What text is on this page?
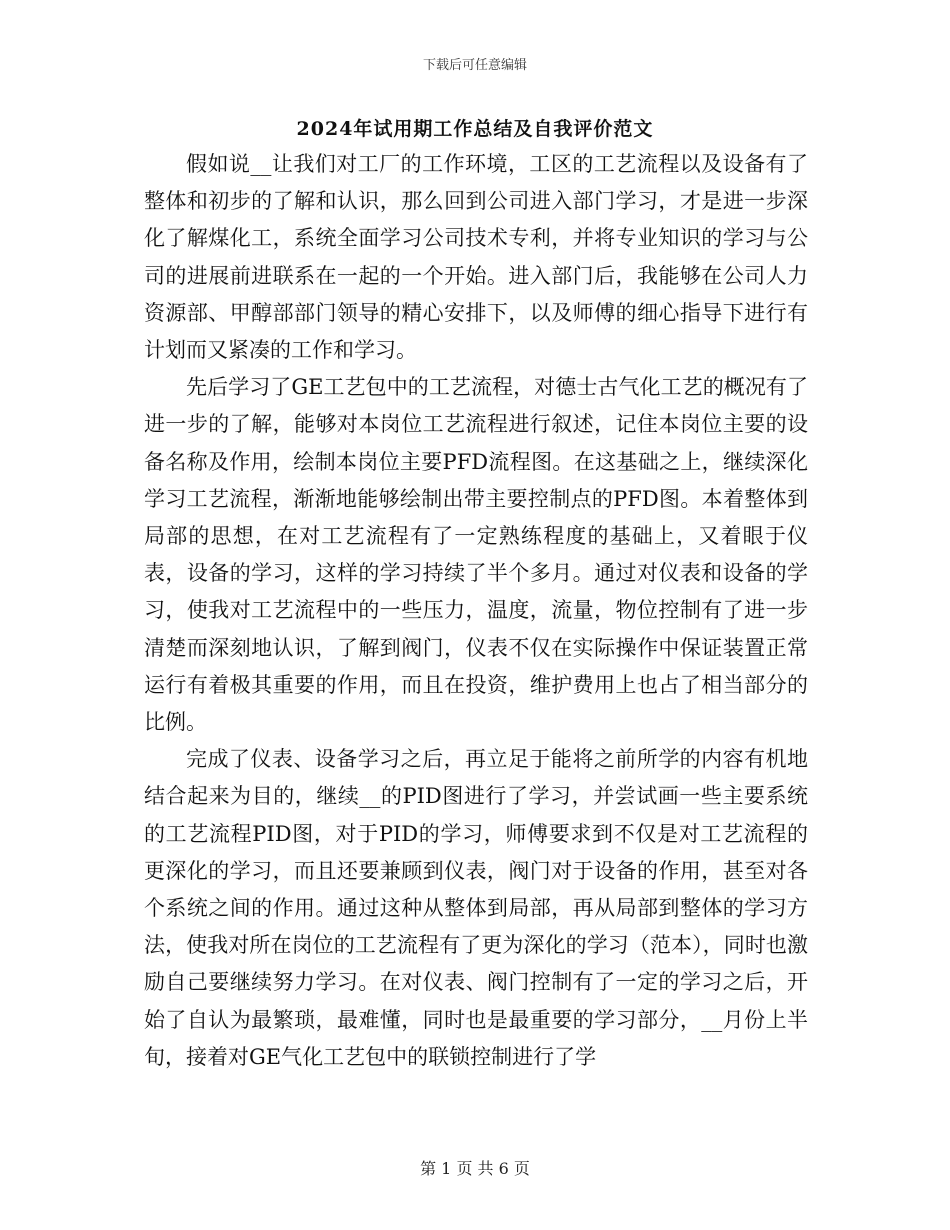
下载后可任意编辑
2024年试用期工作总结及自我评价范文

假如说__让我们对工厂的工作环境，工区的工艺流程以及设备有了整体和初步的了解和认识，那么回到公司进入部门学习，才是进一步深化了解煤化工，系统全面学习公司技术专利，并将专业知识的学习与公司的进展前进联系在一起的一个开始。进入部门后，我能够在公司人力资源部、甲醇部部门领导的精心安排下，以及师傅的细心指导下进行有计划而又紧凑的工作和学习。

先后学习了GE工艺包中的工艺流程，对德士古气化工艺的概况有了进一步的了解，能够对本岗位工艺流程进行叙述，记住本岗位主要的设备名称及作用，绘制本岗位主要PFD流程图。在这基础之上，继续深化学习工艺流程，渐渐地能够绘制出带主要控制点的PFD图。本着整体到局部的思想，在对工艺流程有了一定熟练程度的基础上，又着眼于仪表，设备的学习，这样的学习持续了半个多月。通过对仪表和设备的学习，使我对工艺流程中的一些压力，温度，流量，物位控制有了进一步清楚而深刻地认识，了解到阀门，仪表不仅在实际操作中保证装置正常运行有着极其重要的作用，而且在投资，维护费用上也占了相当部分的比例。

完成了仪表、设备学习之后，再立足于能将之前所学的内容有机地结合起来为目的，继续__的PID图进行了学习，并尝试画一些主要系统的工艺流程PID图，对于PID的学习，师傅要求到不仅是对工艺流程的更深化的学习，而且还要兼顾到仪表，阀门对于设备的作用，甚至对各个系统之间的作用。通过这种从整体到局部，再从局部到整体的学习方法，使我对所在岗位的工艺流程有了更为深化的学习（范本），同时也激励自己要继续努力学习。在对仪表、阀门控制有了一定的学习之后，开始了自认为最繁琐，最难懂，同时也是最重要的学习部分，__月份上半旬，接着对GE气化工艺包中的联锁控制进行了学

第 1 页 共 6 页
